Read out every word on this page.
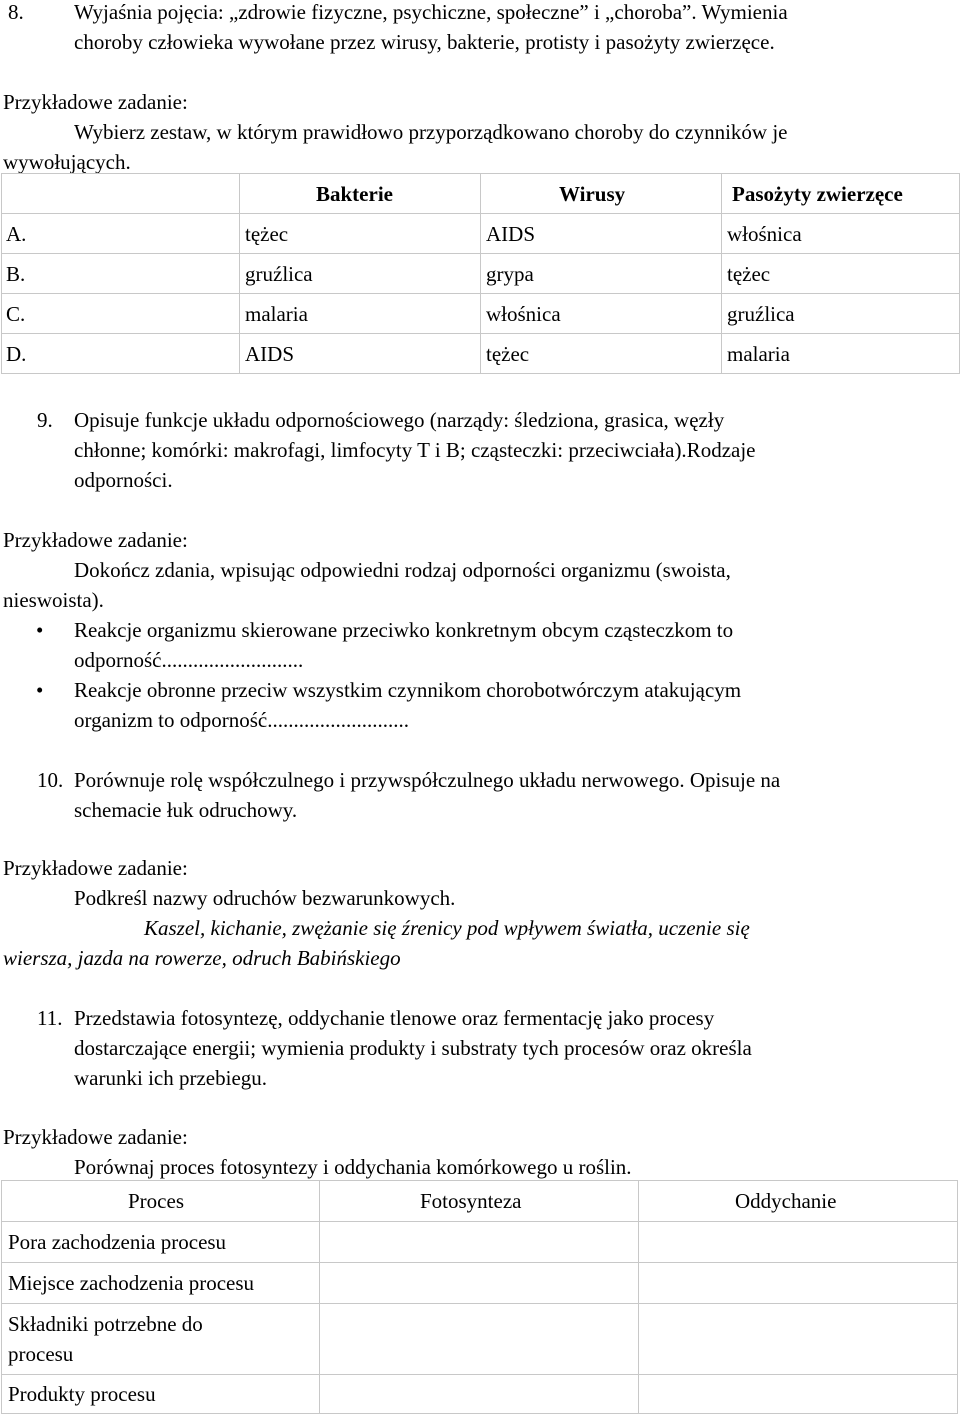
8. Wyjaśnia pojęcia: „zdrowie fizyczne, psychiczne, społeczne” i „choroba”. Wymienia
choroby człowieka wywołane przez wirusy, bakterie, protisty i pasożyty zwierzęce.
Przykładowe zadanie:
Wybierz zestaw, w którym prawidłowo przyporządkowano choroby do czynników je
wywołujących.

	Bakterie	Wirusy	Pasożyty zwierzęce

A.	tężec	AIDS	włośnica

B.	gruźlica	grypa	tężec

C.	malaria	włośnica	gruźlica

D.	AIDS	tężec	malaria
9. Opisuje funkcje układu odpornościowego (narządy: śledziona, grasica, węzły
chłonne; komórki: makrofagi, limfocyty T i B; cząsteczki: przeciwciała).Rodzaje
odporności.
Przykładowe zadanie:
Dokończ zdania, wpisując odpowiedni rodzaj odporności organizmu (swoista,
nieswoista).
• Reakcje organizmu skierowane przeciwko konkretnym obcym cząsteczkom to
odporność...........................
• Reakcje obronne przeciw wszystkim czynnikom chorobotwórczym atakującym
organizm to odporność...........................
10. Porównuje rolę współczulnego i przywspółczulnego układu nerwowego. Opisuje na
schemacie łuk odruchowy.
Przykładowe zadanie:
Podkreśl nazwy odruchów bezwarunkowych.
Kaszel, kichanie, zwężanie się źrenicy pod wpływem światła, uczenie się
wiersza, jazda na rowerze, odruch Babińskiego
11. Przedstawia fotosyntezę, oddychanie tlenowe oraz fermentację jako procesy
dostarczające energii; wymienia produkty i substraty tych procesów oraz określa
warunki ich przebiegu.
Przykładowe zadanie:
Porównaj proces fotosyntezy i oddychania komórkowego u roślin.
Proces	Fotosynteza	Oddychanie

Pora zachodzenia procesu		

Miejsce zachodzenia procesu		

Składniki potrzebne do
procesu		

Produkty procesu		
